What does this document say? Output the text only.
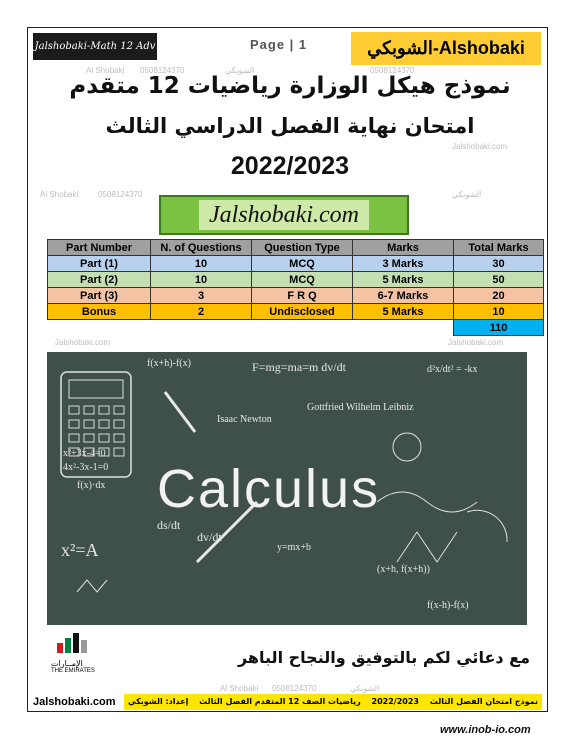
Jalshobaki-Math 12 Adv	Page | 1	الشوبكي-Alshobaki
Al Shobaki 0508124370	الشوبكي	0508124370
Jalshobaki.com
Al Shobaki 0508124370	الشوبكي
Jalshobaki.com	Jalshobaki.com
Al Shobaki 0508124370	الشوبكي
نموذج هيكل الوزارة رياضيات 12 متقدم
امتحان نهاية الفصل الدراسي الثالث
2022/2023
Jalshobaki.com
Part Number	N. of Questions	Question Type	Marks	Total Marks
Part (1)	10	MCQ	3 Marks	30
Part (2)	10	MCQ	5 Marks	50
Part (3)	3	F R Q	6-7 Marks	20
Bonus	2	Undisclosed	5 Marks	10
				110
F=mg=ma=m dv/dt	d²x/dt² = -kx
f(x+h)-f(x)
Gottfried Wilhelm Leibniz
Isaac Newton
x²=A
x²+3x-4=0
4x²-3x-1=0
ds/dt
dv/dt
f(x)·dx
(x+h, f(x+h))
y=mx+b
f(x-h)-f(x)
Calculus
الإمــارات
THE EMIRATES
مع دعائي لكم بالتوفيق والنجاح الباهر
Jalshobaki.com	نموذج امتحان الفصل الثالث
2022/2023
رياضيات الصف 12 المتقدم الفصل الثالث
إعداد: الشوبكي
www.inob-io.com
